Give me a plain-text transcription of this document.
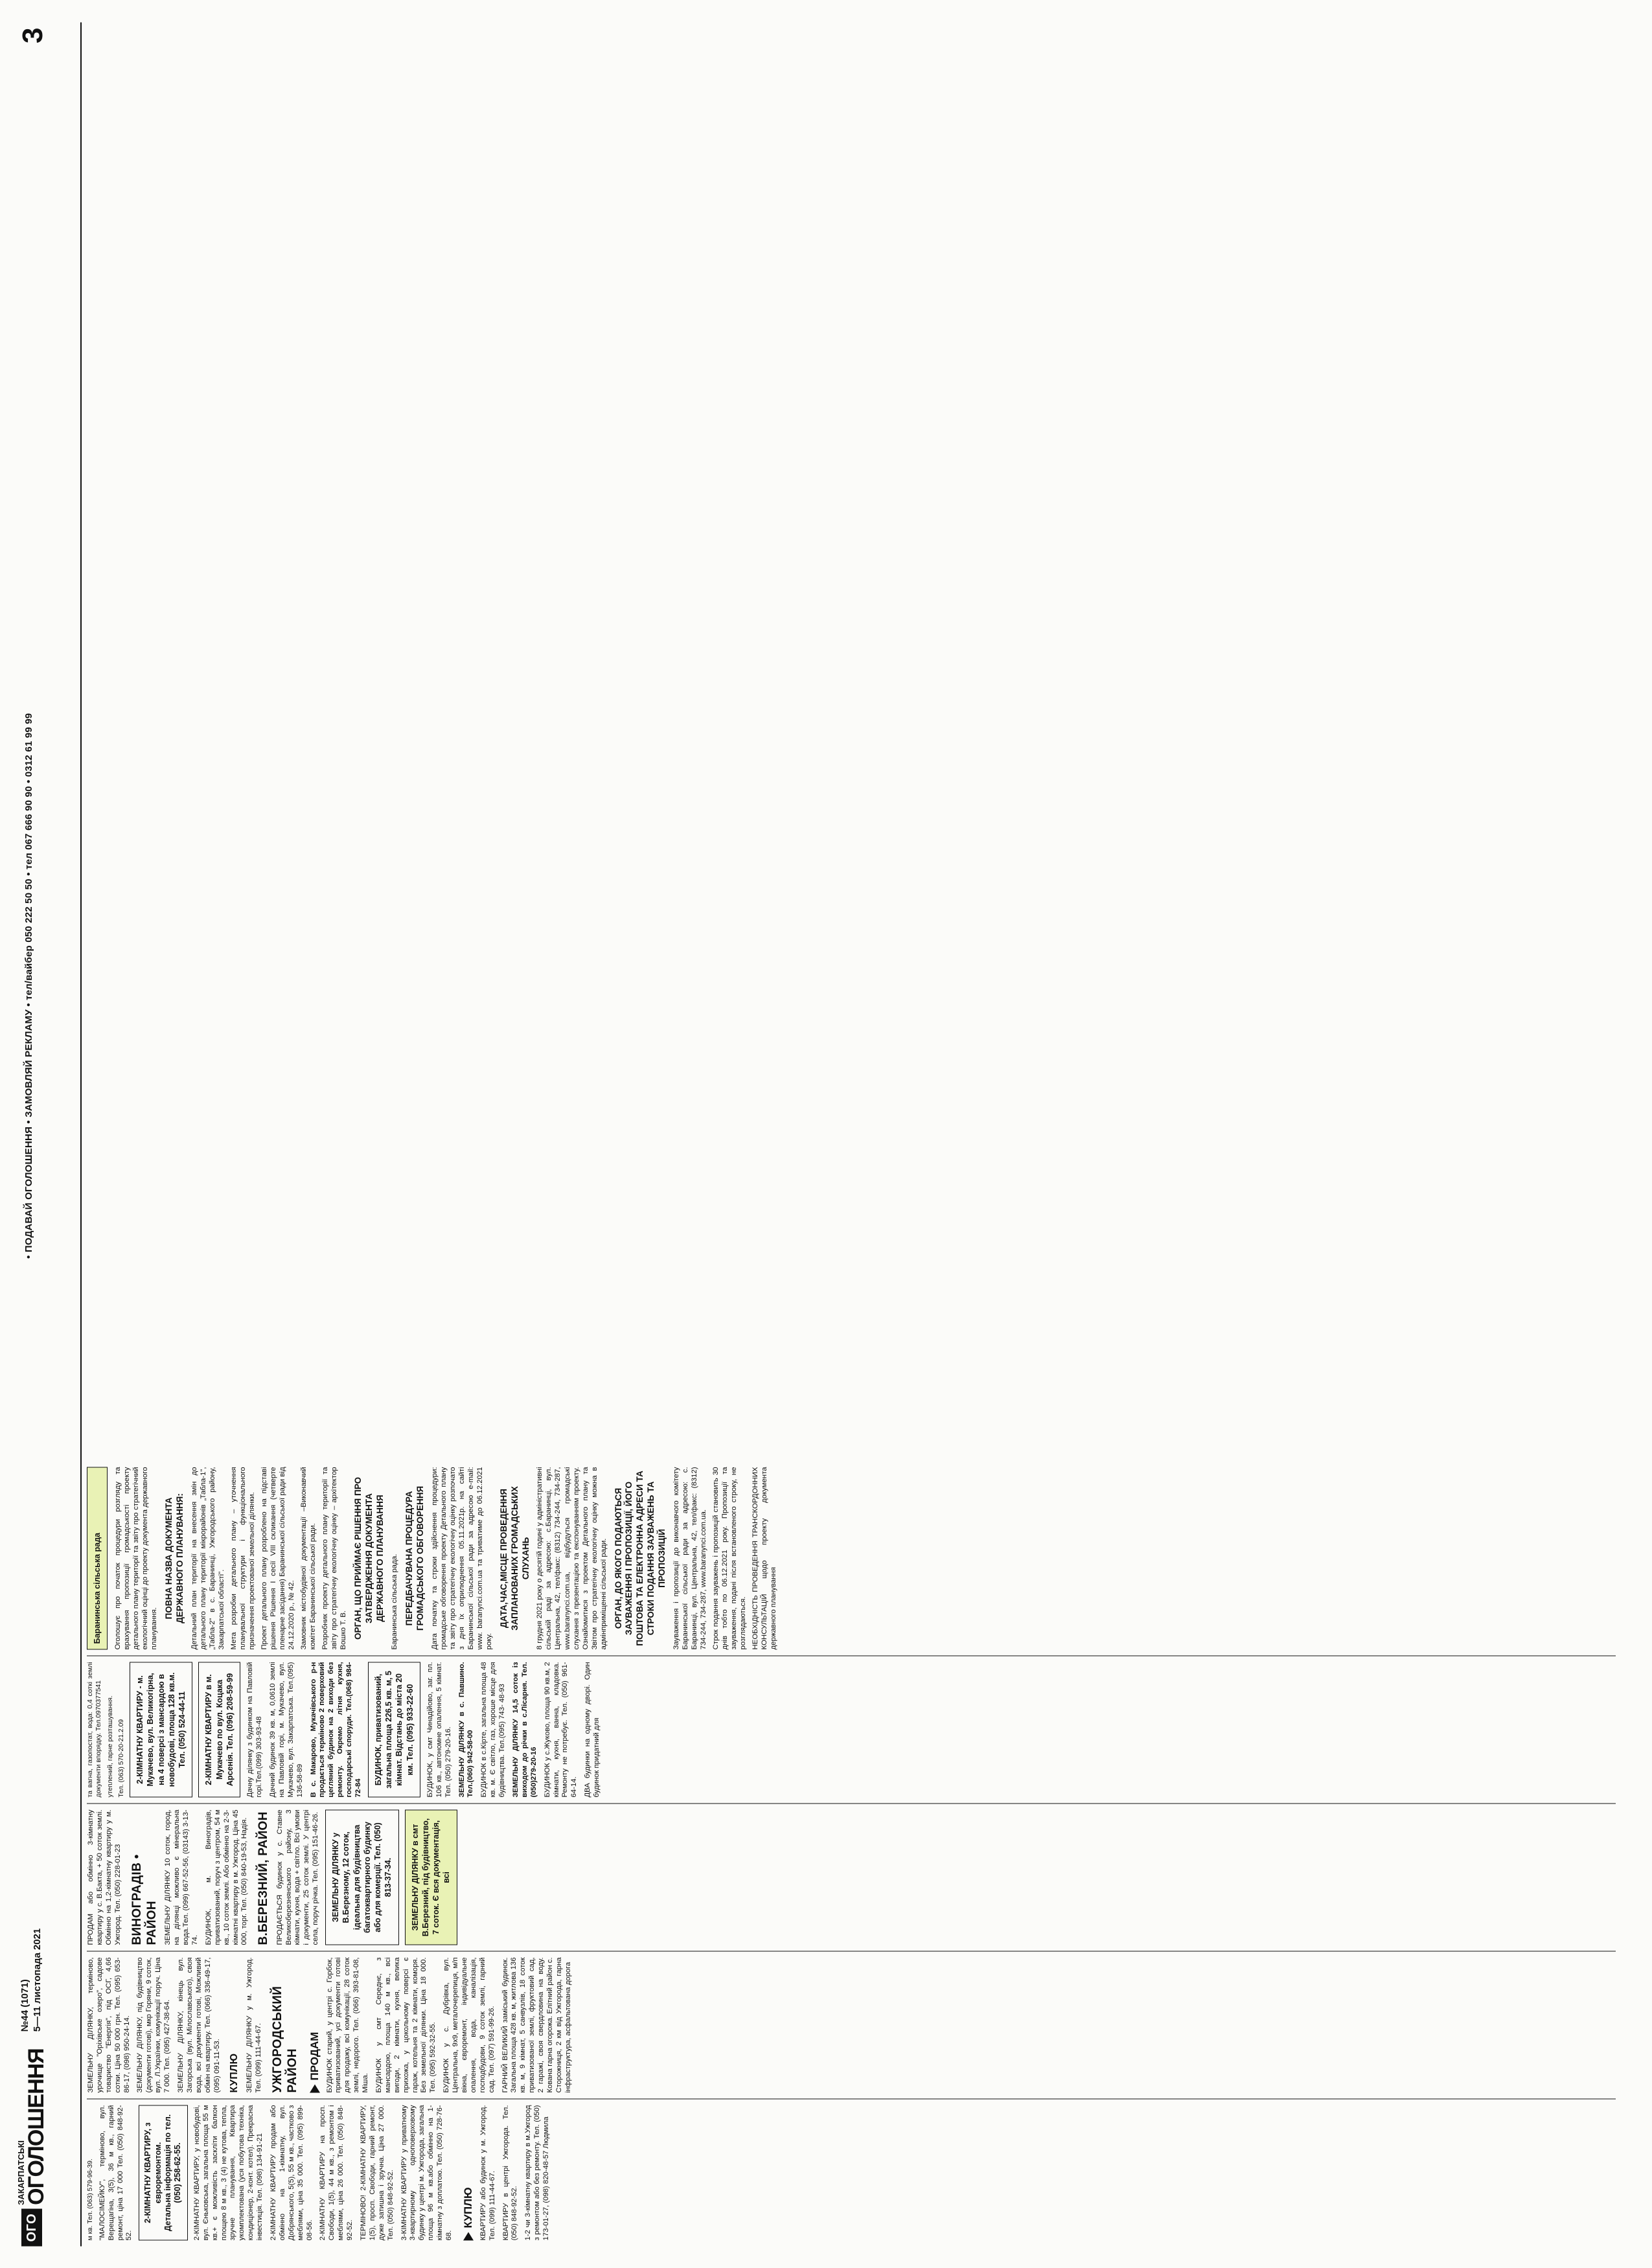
ОГО
ЗАКАРПАТСЬКІ
ОГОЛОШЕННЯ
№44 (1071) 5—11 листопада 2021
• ПОДАВАЙ ОГОЛОШЕННЯ • ЗАМОВЛЯЙ РЕКЛАМУ • тел/вайбер 050 222 50 50 • тел 067 666 90 90 • 0312 61 99 99
3

м кв. Тел. (063) 579-96-39. "МАЛОСІМЕЙКУ", терміново, вул. Верещагіна, 3(5), 36 м кв., гарний ремонт, ціна 17 000 Тел. (050) 848-92-52.

2-КІМНАТНУ КВАРТИРУ, з євроремонтом.
Детальна інформація по тел. (050) 258-62-55.	2-КІМНАТНУ КВАРТИРУ, у новобудові, вул. Єньковська, загальна площа 55 м кв.+ є можливість заскліти балкон площею 8 м кв., 3 (4) не кутова, тепла, зручне планування, Квартира укомплектована (уся побутова техніка, кондиціонер, 2-конт. котел). Прекрасна інвестиція. Тел. (098) 134-91-21 2-КІМНАТНУ КВАРТИРУ продам або обмінно на 1-кімнатну, вул. Добрянського, 5(5), 55 м кв., частково з меблями, ціна 35 000. Тел. (095) 899-08-56. 2-КІМНАТНУ КВАРТИРУ на просп. Свободи, 1(5), 44 м кв., з ремонтом і меблями, ціна 26 000. Тел. (050) 848-92-52. ТЕРМІНОВО! 2-КІМНАТНУ КВАРТИРУ, 1(5), просп. Свободи, гарний ремонт, дуже затишна і зручна. Ціна 27 000. Тел. (050) 848-92-52. 3-КІМНАТНУ КВАРТИРУ у приватному 3-квартирному одноповерховому будинку у центрі м. Ужгорода, загальна площа 96 м кв.або обмінно на 1-кімнатну з доплатою. Тел. (050) 728-76-68.

КУПЛЮ КВАРТИРУ або будинок у м. Ужгород. Тел. (099) 111-44-67. КВАРТИРУ в центрі Ужгорода. Тел. (050) 848-92-52. 1-2 чи 3-кімнатну квартиру в м.Ужгород з ремонтом або без ремонту. Тел. (050) 173-01-27, (098) 820-48-57 Людмила

ЗЕМЕЛЬНУ ДІЛЯНКУ, терміново, урочище "Оріхівське озеро", садове товариство "Енергія", під ОСГ, 4,66 сотки. Ціна 50 000 грн. Тел. (095) 653-86-17, (098) 950-24-14. ЗЕМЕЛЬНУ ДІЛЯНКУ, під будівництво (документи готові), мкр Горяни, 9 соток, вул. Л.Українки, комунікації поруч. Ціна 7 000. Тел. (095) 427-38-64. ЗЕМЕЛЬНУ ДІЛЯНКУ, кінець вул. Загорська (вул. Мілославського), своя вода, всі документи готові, Можливий обмін на квартиру. Тел. (066) 336-49-17, (095) 091-11-53. КУПЛЮ ЗЕМЕЛЬНУ ДІЛЯНКУ у м. Ужгород. Тел. (099) 111-44-67. УЖГОРОДСЬКИЙ РАЙОН ПРОДАМ БУДИНОК старий, у центрі с. Горбок, приватизований, усі документи готові для продажу, всі комунікації, 28 соток землі, недорого. Тел. (066) 393-81-08, Міша. БУДИНОК у смт Середнє, з мансардою, площа 140 м кв., всі вигоди, 2 кімнати, кухня, велика прихожа, у цокольному поверсі є гараж, котельня та 2 кімнати, коморя. Без земельної ділянки. Ціна 18 000. Тел. (095) 592-32-55. БУДИНОК у с. Дубрівка, вул. Центральна, 9х9, металочерепиця, м/п вікна, євроремонт, індивідуальне опалення, вода, каналізація, господбудови, 9 соток землі, гарний сад. Тел. (097) 591-99-26. ГАРНИЙ ВЕЛИКИЙ заміський будинок. Загальна площа 428 кв. м, житлова 136 кв. м, 9 кімнат, 5 санвузлів, 18 соток приватизованої землі, фруктовий сад, 2 гаражі, своя свердловина на воду. Кована гарна огорожа. Елітний район с. Сторожниця, 2 км від Ужгорода, гарна інфраструктура, асфальтована дорога

ПРОДАМ або обмінно 3-кімнатну квартиру у с. В.Бакта, + 50 соток землі. Обмінно на 1,2-кімнатну квартиру у м. Ужгород. Тел. (050) 228-01-23 ВИНОГРАДІВ • РАЙОН ЗЕМЕЛЬНУ ДІЛЯНКУ 10 соток, город, на ділянці можливо є мінеральна вода.Тел. (099) 667-52-56, (03143) 3-13-74. БУДИНОК, м. Виноградів, приватизований, поруч з центром, 54 м кв., 10 соток землі. Або обмінно на 2-3-кімнатні квартиру в м. Ужгород. Ціна 45 000, торг. Тел. (050) 840-19-53, Надія. В.БЕРЕЗНИЙ, РАЙОН ПРОДАЄТЬСЯ будинок у с. Ставне Великоберезнянського району, 3 кімнати, кухня, вода + світло. Всі умови і документи, 25 соток землі. У центрі села, поруч річка. Тел. (095) 151-46-26.	ЗЕМЕЛЬНУ ДІЛЯНКУ у В.Березному, 12 соток, ідеальна для будівництва багатоквартирного будинку або для комерції. Тел. (050) 813-37-34.	ЗЕМЕЛЬНУ ДІЛЯНКУ в смт В.Березний, під будівництво, 7 соток. Є вся документація, всі

та вагна, газопостат, вода: 0,4 соткі землі документи впорядку. Тел.0970377541 утеплений, гарне розташування. Тел. (063) 570-20-21.2.09	2-КІМНАТНУ КВАРТИРУ - м. Мукачево, вул. Великогірна, на 4 поверсі з мансардою в новобудові, площа 128 кв.м. Тел. (050) 524-44-11	2-КІМНАТНУ КВАРТИРУ в м. Мукачево по вул. Коцака Арсенія. Тел. (096) 208-59-99	Дачну ділянку з будинком на Павловій горі.Тел.(099) 303-93-48 Дачний будинок 39 кв. м, 0,0610 землі на Павловій горі, м. Мукачево, вул. Мукачево, вул. Закарпатська. Тел.(095) 136-58-89 В с. Макарово, Мукачівського р-н продається терміново 2 поверховий цегляний будинок на 2 виходи без ремонту. Окремо літня кухня, господарські споруди. Тел.(068) 984-72-84

БУДИНОК, приватизований, загальна площа 226,5 кв. м, 5 кімнат. Відстань до міста 20 км. Тел. (095) 933-22-60	БУДИНОК, у смт Чинадійово, заг. пл. 106 кв., автономне опалення, 5 кімнат. Тел. (050) 279-20-16. ЗЕМЕЛЬНУ ДІЛЯНКУ в с. Павшино. Тел.(060) 942-58-00 БУДИНОК в с.Кірте, загальна площа 48 кв. м. Є світло, газ, хороше місце для будівництва. Тел.(095) 743- 48-93 ЗЕМЕЛЬНУ ДІЛЯНКУ 14,5 соток із виходом до річки в с.Лісарня. Тел. (050)279-20-16 БУДИНОК у с.Жуково, площа 90 кв.м, 2 кімнати, кухня, ванна, кладовка. Ремонту не потребує. Тел. (050) 961-64-14. ДВА будинки на одному дворі. Один будинок придатний для

Баранинська сільська рада	Оголошує про початок процедури розгляду та врахування пропозиції громадськості проекту детального плану території та звіту про стратегічний екологічний оцінці до проекту документа державного планування.

ПОВНА НАЗВА ДОКУМЕНТА ДЕРЖАВНОГО ПЛАНУВАННЯ: Детальний план території на внесення змін до детального плану території мікрорайонів „Табла-1", „Табла-2" в с. Баранинці, Ужгородського району, Закарпатської області". Мета розробки детального плану – уточнення планувальної структури і функціонального призначення проектованої земельної ділянки. Проект детального плану розроблено на підставі рішення Рішення І сесії VIII скликання (четверте пленарне засідання) Баранинської сільської ради від 24.12.2020 р., № 42. Замовник містобудівної документації –Виконавчий комітет Баранинської сільської ради. Розробник проекту детального плану території та звіту про стратегічну екологічну оцінку – архітектор Вошко Т. В. ОРГАН, ЩО ПРИЙМАЄ РІШЕННЯ ПРО ЗАТВЕРДЖЕННЯ ДОКУМЕНТА ДЕРЖАВНОГО ПЛАНУВАННЯ Баранинська сільська рада. ПЕРЕДБАЧУВАНА ПРОЦЕДУРА ГРОМАДСЬКОГО ОБГОВОРЕННЯ Дата початку та строки здійснення процедури: громадське обговорення проекту Детального плану та звіту про стратегічну екологічну оцінку розпочато з дня їх оприлюднення 05.11.2021р. на сайті Баранинської сільської ради за адресою e-mail: www. baranynci.com.ua та триватиме до 06.12.2021 року.

ДАТА,ЧАС,МІСЦЕ ПРОВЕДЕННЯ ЗАПЛАНОВАНИХ ГРОМАДСЬКИХ СЛУХАНЬ 8 грудня 2021 року о десятій годині у адміністративні сільській раді за адресою: с.Баранинці, вул. Центральна, 42, тел/факс: (8312) 734-244, 734-287, www.baranynci.com.ua, відбудуться громадські слухання з презентацією та експонуванням проекту. Ознайомитися з проектом Детального плану та Звітом про стратегічну екологічну оцінку можна в адмінприміщенні сільської ради. ОРГАН, ДО ЯКОГО ПОДАЮТЬСЯ ЗАУВАЖЕННЯ І ПРОПОЗИЦІЇ, ЙОГО ПОШТОВА ТА ЕЛЕКТРОННА АДРЕСИ ТА СТРОКИ ПОДАННЯ ЗАУВАЖЕНЬ ТА ПРОПОЗИЦІЙ Зауваження і пропозиції до виконавчого комітету Баранинської сільської ради за адресою: с. Баранинці, вул. Центральна, 42, тел/факс: (8312) 734-244, 734-287, www.baranynci.com.ua. Строк подання зауважень і пропозицій становить 30 днів тобто по 06.12.2021 року. Пропозиції та зауваження, подані після встановленого строку, не розглядаються. НЕОБХІДНІСТЬ ПРОВЕДЕННЯ ТРАНСКОРДОННИХ КОНСУЛЬТАЦІЙ щодо проекту документа державного планування
